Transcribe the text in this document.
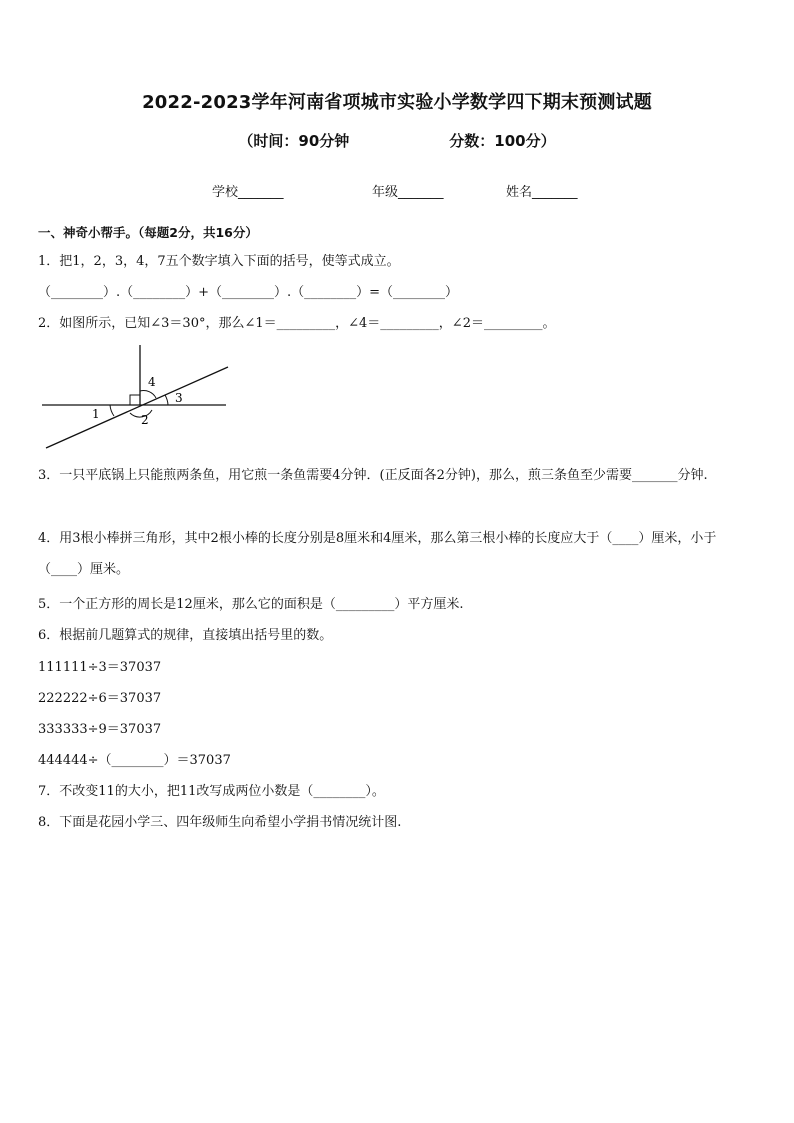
2022-2023学年河南省项城市实验小学数学四下期末预测试题
（时间：90分钟	分数：100分）
学校_______	年级_______	姓名_______
一、神奇小帮手。（每题2分，共16分）
1．把1，2，3，4，7五个数字填入下面的括号，使等式成立。
（________）.（________）+（________）.（________）=（________）
2．如图所示，已知∠3＝30°，那么∠1＝_________，∠4＝_________，∠2＝_________。
1	2
3
4
3．一只平底锅上只能煎两条鱼，用它煎一条鱼需要4分钟．(正反面各2分钟)，那么，煎三条鱼至少需要_______分钟.
4．用3根小棒拼三角形，其中2根小棒的长度分别是8厘米和4厘米，那么第三根小棒的长度应大于（____）厘米，小于（____）厘米。
5．一个正方形的周长是12厘米，那么它的面积是（_________）平方厘米.
6．根据前几题算式的规律，直接填出括号里的数。
111111÷3＝37037
222222÷6＝37037
333333÷9＝37037
444444÷（________）＝37037
7．不改变11的大小，把11改写成两位小数是（________）。
8．下面是花园小学三、四年级师生向希望小学捐书情况统计图.
